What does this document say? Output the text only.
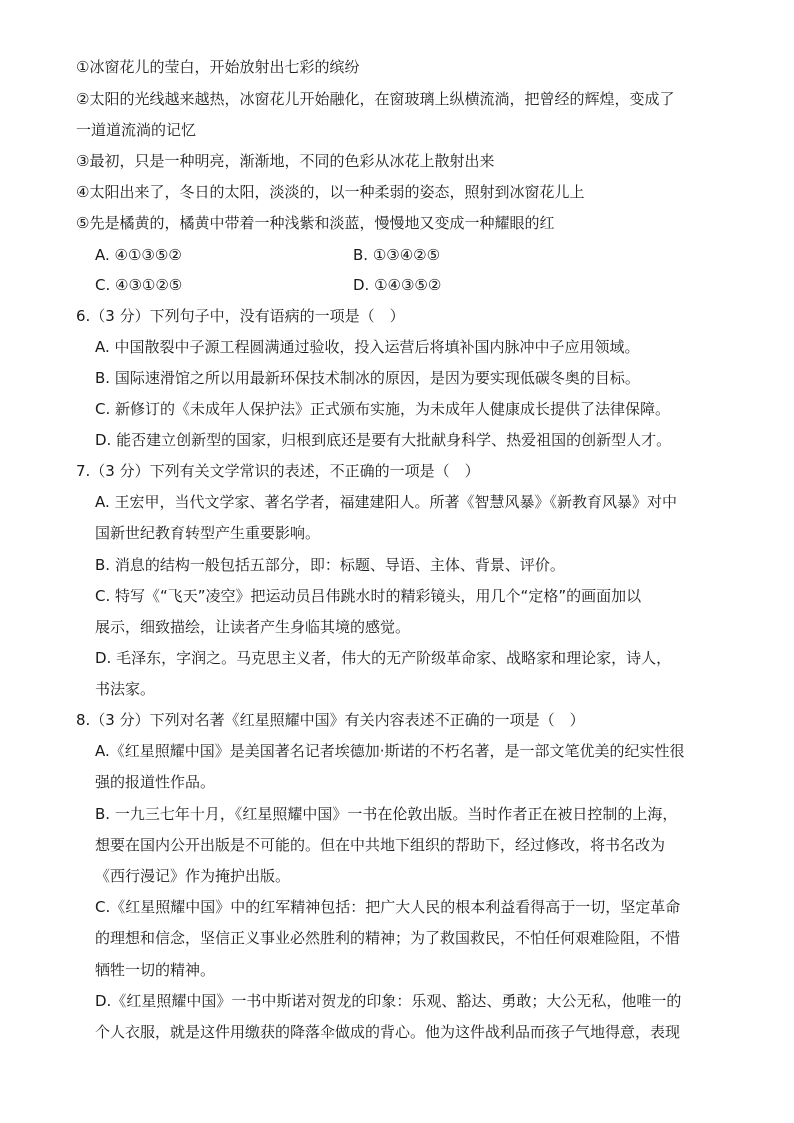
①冰窗花儿的莹白，开始放射出七彩的缤纷
②太阳的光线越来越热，冰窗花儿开始融化，在窗玻璃上纵横流淌，把曾经的辉煌，变成了
一道道流淌的记忆
③最初，只是一种明亮，渐渐地，不同的色彩从冰花上散射出来
④太阳出来了，冬日的太阳，淡淡的，以一种柔弱的姿态，照射到冰窗花儿上
⑤先是橘黄的，橘黄中带着一种浅紫和淡蓝，慢慢地又变成一种耀眼的红
A. ④①③⑤②	B. ①③④②⑤
C. ④③①②⑤	D. ①④③⑤②
6.（3 分）下列句子中，没有语病的一项是（　）
A. 中国散裂中子源工程圆满通过验收，投入运营后将填补国内脉冲中子应用领域。
B. 国际速滑馆之所以用最新环保技术制冰的原因，是因为要实现低碳冬奥的目标。
C. 新修订的《未成年人保护法》正式颁布实施，为未成年人健康成长提供了法律保障。
D. 能否建立创新型的国家，归根到底还是要有大批献身科学、热爱祖国的创新型人才。
7.（3 分）下列有关文学常识的表述，不正确的一项是（　）
A. 王宏甲，当代文学家、著名学者，福建建阳人。所著《智慧风暴》《新教育风暴》对中
国新世纪教育转型产生重要影响。
B. 消息的结构一般包括五部分，即：标题、导语、主体、背景、评价。
C. 特写《“飞天”凌空》把运动员吕伟跳水时的精彩镜头，用几个“定格”的画面加以
展示，细致描绘，让读者产生身临其境的感觉。
D. 毛泽东，字润之。马克思主义者，伟大的无产阶级革命家、战略家和理论家，诗人，
书法家。
8.（3 分）下列对名著《红星照耀中国》有关内容表述不正确的一项是（　）
A.《红星照耀中国》是美国著名记者埃德加·斯诺的不朽名著，是一部文笔优美的纪实性很
强的报道性作品。
B. 一九三七年十月，《红星照耀中国》一书在伦敦出版。当时作者正在被日控制的上海，
想要在国内公开出版是不可能的。但在中共地下组织的帮助下，经过修改，将书名改为
《西行漫记》作为掩护出版。
C.《红星照耀中国》中的红军精神包括：把广大人民的根本利益看得高于一切，坚定革命
的理想和信念，坚信正义事业必然胜利的精神；为了救国救民，不怕任何艰难险阻，不惜
牺牲一切的精神。
D.《红星照耀中国》一书中斯诺对贺龙的印象：乐观、豁达、勇敢；大公无私，他唯一的
个人衣服，就是这件用缴获的降落伞做成的背心。他为这件战利品而孩子气地得意，表现
